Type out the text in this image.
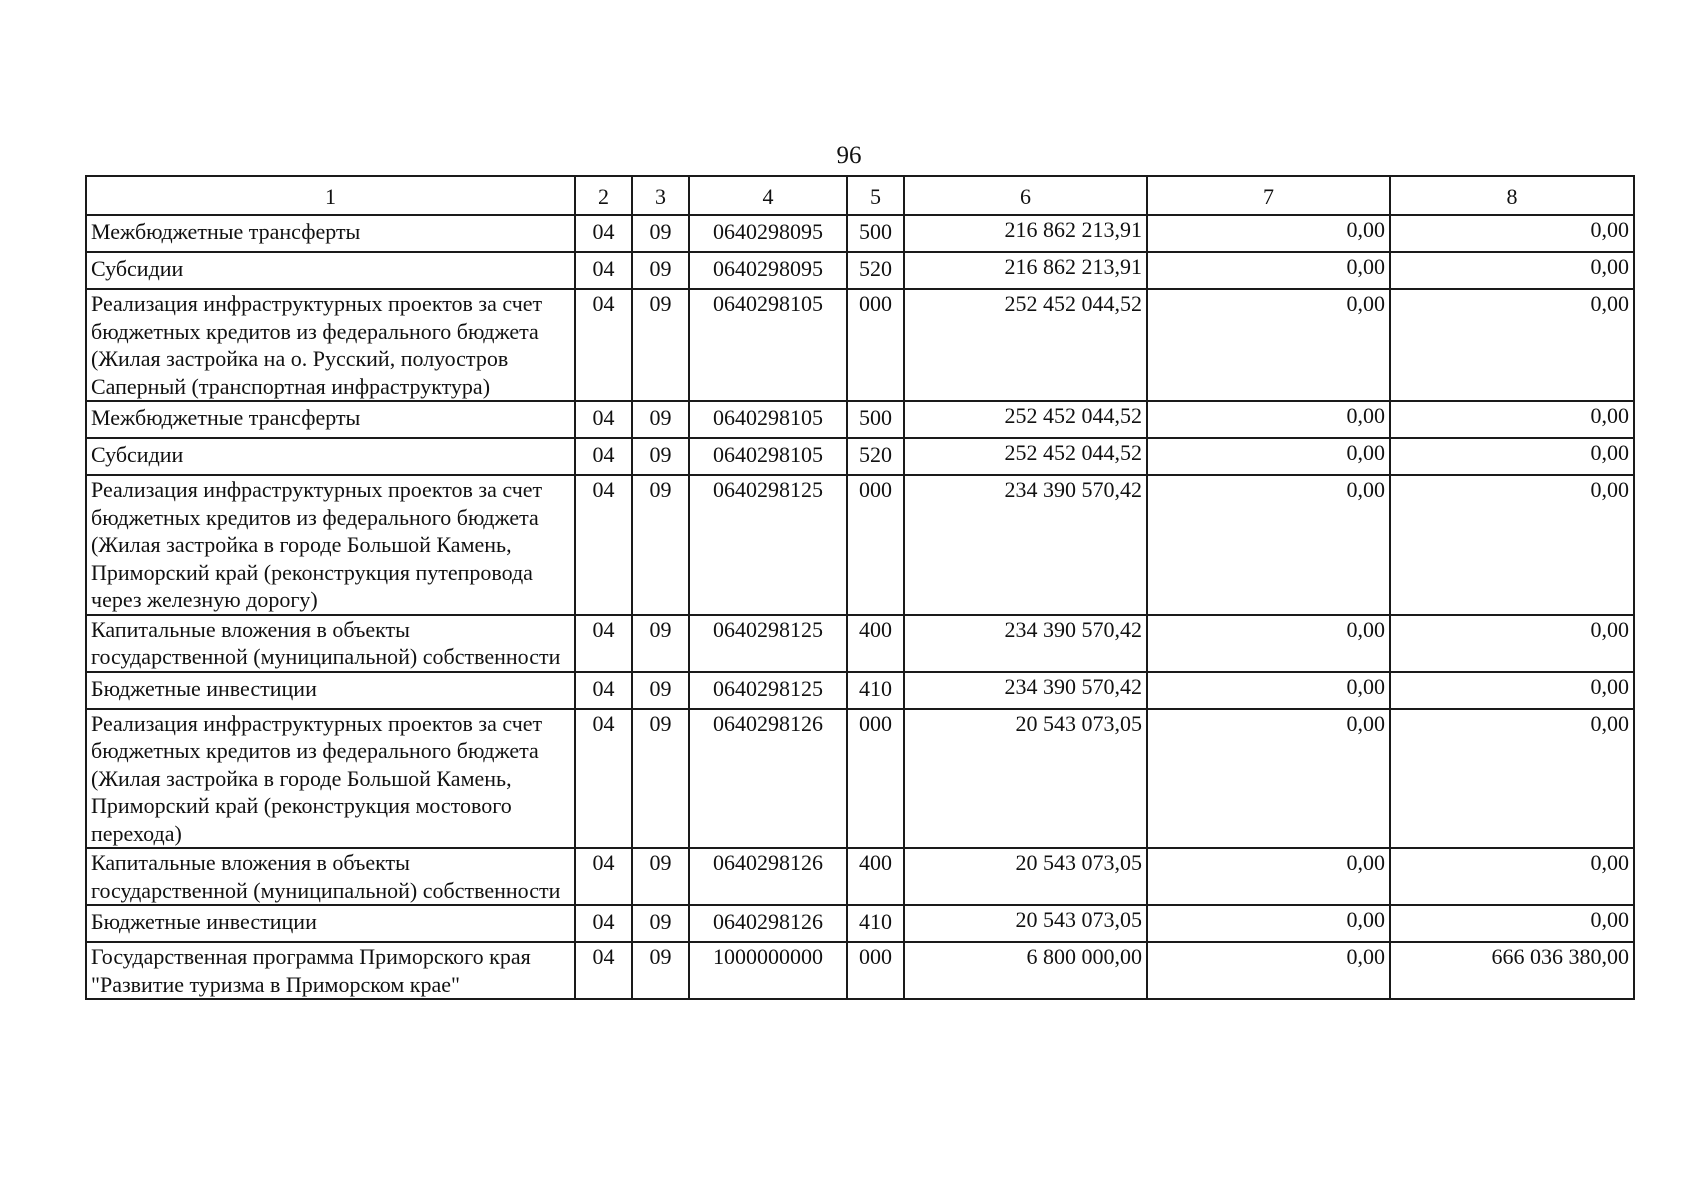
96
1	2	3	4	5	6	7	8
Межбюджетные трансферты	04	09	0640298095	500	216 862 213,91	0,00	0,00
Субсидии	04	09	0640298095	520	216 862 213,91	0,00	0,00
Реализация инфраструктурных проектов за счет бюджетных кредитов из федерального бюджета (Жилая застройка на о. Русский, полуостров Саперный (транспортная инфраструктура)	04	09	0640298105	000	252 452 044,52	0,00	0,00
Межбюджетные трансферты	04	09	0640298105	500	252 452 044,52	0,00	0,00
Субсидии	04	09	0640298105	520	252 452 044,52	0,00	0,00
Реализация инфраструктурных проектов за счет бюджетных кредитов из федерального бюджета (Жилая застройка в городе Большой Камень, Приморский край (реконструкция путепровода через железную дорогу)	04	09	0640298125	000	234 390 570,42	0,00	0,00
Капитальные вложения в объекты государственной (муниципальной) собственности	04	09	0640298125	400	234 390 570,42	0,00	0,00
Бюджетные инвестиции	04	09	0640298125	410	234 390 570,42	0,00	0,00
Реализация инфраструктурных проектов за счет бюджетных кредитов из федерального бюджета (Жилая застройка в городе Большой Камень, Приморский край (реконструкция мостового перехода)	04	09	0640298126	000	20 543 073,05	0,00	0,00
Капитальные вложения в объекты государственной (муниципальной) собственности	04	09	0640298126	400	20 543 073,05	0,00	0,00
Бюджетные инвестиции	04	09	0640298126	410	20 543 073,05	0,00	0,00
Государственная программа Приморского края "Развитие туризма в Приморском крае"	04	09	1000000000	000	6 800 000,00	0,00	666 036 380,00
